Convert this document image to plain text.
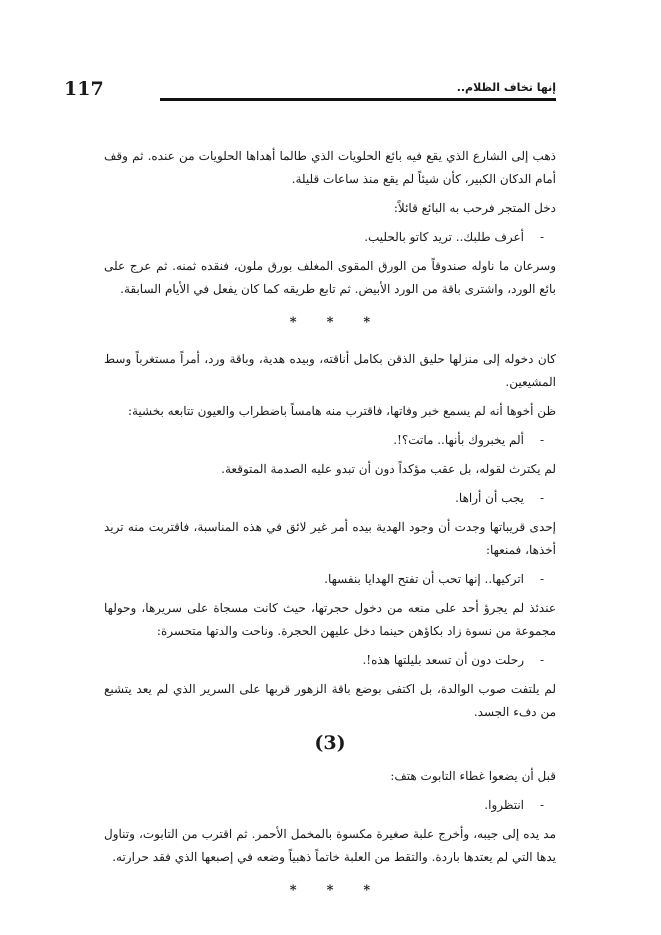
117	إنها تخاف الظلام..

ذهب إلى الشارع الذي يقع فيه بائع الحلويات الذي طالما أهداها الحلويات من عنده. ثم وقف أمام الدكان الكبير، كأن شيئاً لم يقع منذ ساعات قليلة.

دخل المتجر فرحب به البائع قائلاً:

-أعرف طلبك.. تريد كاتو بالحليب.

وسرعان ما ناوله صندوقاً من الورق المقوى المغلف بورق ملون، فنقده ثمنه. ثم عرج على بائع الورد، واشترى باقة من الورد الأبيض. ثم تابع طريقه كما كان يفعل في الأيام السابقة.

* * *

كان دخوله إلى منزلها حليق الذقن بكامل أناقته، وبيده هدية، وباقة ورد، أمراً مستغرباً وسط المشيعين.

ظن أخوها أنه لم يسمع خبر وفاتها، فاقترب منه هامساً باضطراب والعيون تتابعه بخشية:

-ألم يخبروك بأنها.. ماتت؟!.

لم يكترث لقوله، بل عقب مؤكداً دون أن تبدو عليه الصدمة المتوقعة.

-يجب أن أراها.

إحدى قريباتها وجدت أن وجود الهدية بيده أمر غير لائق في هذه المناسبة، فاقتربت منه تريد أخذها، فمنعها:

-اتركيها.. إنها تحب أن تفتح الهدايا بنفسها.

عندئذ لم يجرؤ أحد على منعه من دخول حجرتها، حيث كانت مسجاة على سريرها، وحولها مجموعة من نسوة زاد بكاؤهن حينما دخل عليهن الحجرة. وناحت والدتها متحسرة:

-رحلت دون أن تسعد بليلتها هذه!.

لم يلتفت صوب الوالدة، بل اكتفى بوضع باقة الزهور قربها على السرير الذي لم يعد يتشبع من دفء الجسد.

(3)

قبل أن يضعوا غطاء التابوت هتف:

-انتظروا.

مد يده إلى جيبه، وأخرج علبة صغيرة مكسوة بالمخمل الأحمر. ثم اقترب من التابوت، وتناول يدها التي لم يعتدها باردة. والتقط من العلبة خاتماً ذهبياً وضعه في إصبعها الذي فقد حرارته.

* * *
